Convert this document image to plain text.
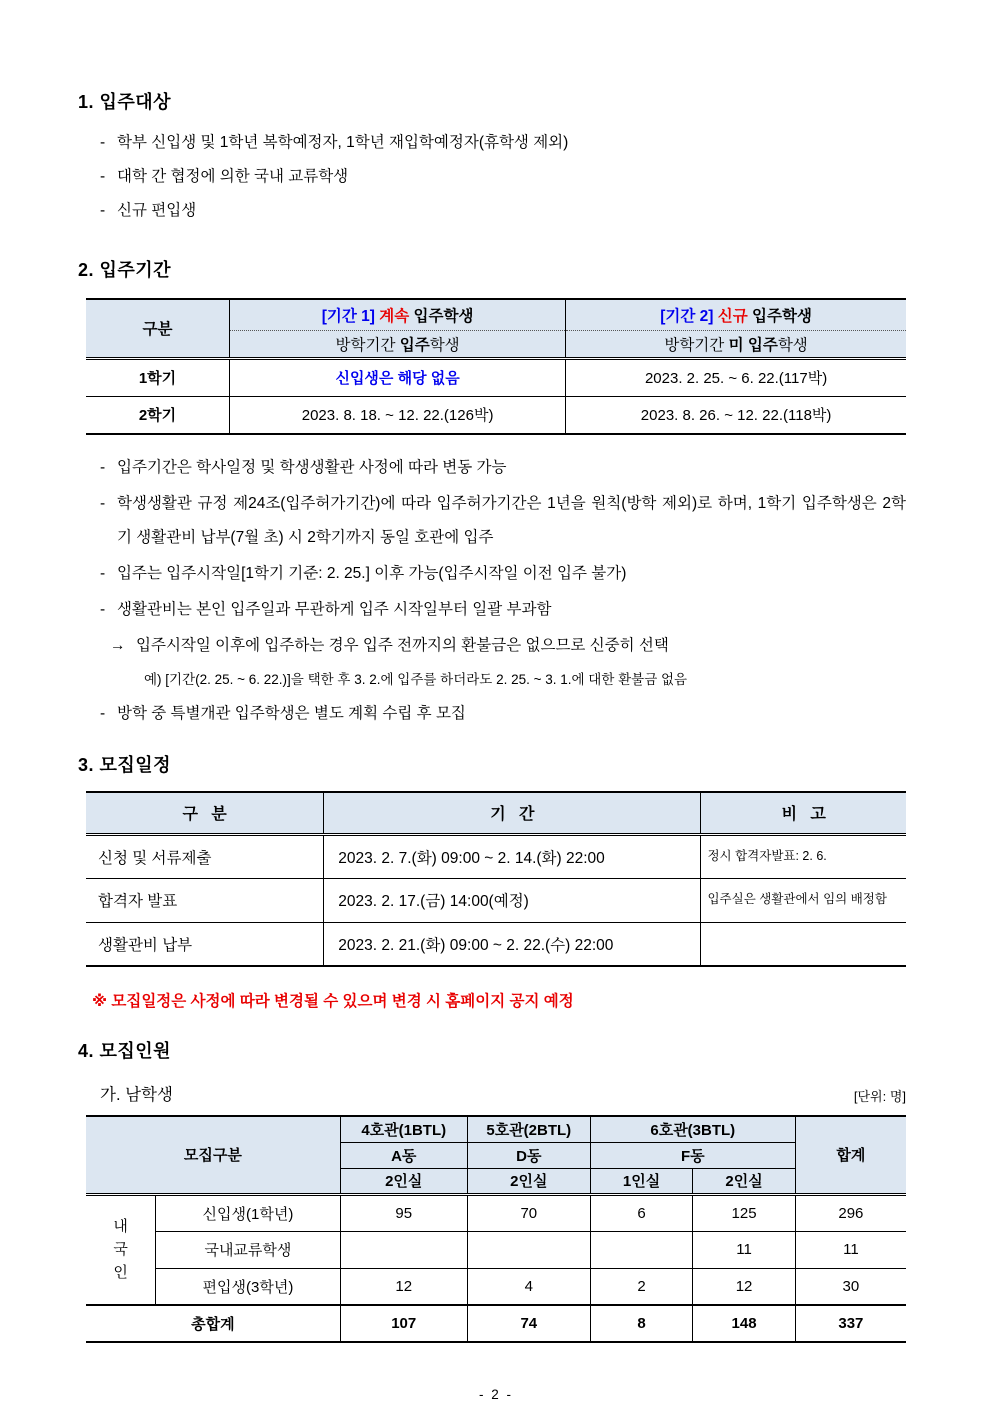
1. 입주대상
- 학부 신입생 및 1학년 복학예정자, 1학년 재입학예정자(휴학생 제외)
- 대학 간 협정에 의한 국내 교류학생
- 신규 편입생
2. 입주기간
구분	[기간 1] 계속 입주학생	[기간 2] 신규 입주학생
	방학기간 입주학생	방학기간 미 입주학생
1학기	신입생은 해당 없음	2023. 2. 25. ~ 6. 22.(117박)
2학기	2023. 8. 18. ~ 12. 22.(126박)	2023. 8. 26. ~ 12. 22.(118박)
- 입주기간은 학사일정 및 학생생활관 사정에 따라 변동 가능
- 학생생활관 규정 제24조(입주허가기간)에 따라 입주허가기간은 1년을 원칙(방학 제외)로 하며, 1학기 입주학생은 2학기 생활관비 납부(7월 초) 시 2학기까지 동일 호관에 입주
- 입주는 입주시작일[1학기 기준: 2. 25.] 이후 가능(입주시작일 이전 입주 불가)
- 생활관비는 본인 입주일과 무관하게 입주 시작일부터 일괄 부과함
→ 입주시작일 이후에 입주하는 경우 입주 전까지의 환불금은 없으므로 신중히 선택
예) [기간(2. 25. ~ 6. 22.)]을 택한 후 3. 2.에 입주를 하더라도 2. 25. ~ 3. 1.에 대한 환불금 없음
- 방학 중 특별개관 입주학생은 별도 계획 수립 후 모집
3. 모집일정
구   분	기   간	비   고
신청 및 서류제출	2023. 2. 7.(화) 09:00 ~ 2. 14.(화) 22:00	정시 합격자발표: 2. 6.
합격자 발표	2023. 2. 17.(금) 14:00(예정)	입주실은 생활관에서 임의 배정함
생활관비 납부	2023. 2. 21.(화) 09:00 ~ 2. 22.(수) 22:00	
※ 모집일정은 사정에 따라 변경될 수 있으며 변경 시 홈페이지 공지 예정
4. 모집인원
가. 남학생	[단위: 명]
모집구분		4호관(1BTL)	5호관(2BTL)	6호관(3BTL)		합계
		A동	D동	F동		
		2인실	2인실	1인실	2인실	

내국인	신입생(1학년)	95	70	6	125	296
	국내교류학생				11	11
	편입생(3학년)	12	4	2	12	30
총합계		107	74	8	148	337
- 2 -
